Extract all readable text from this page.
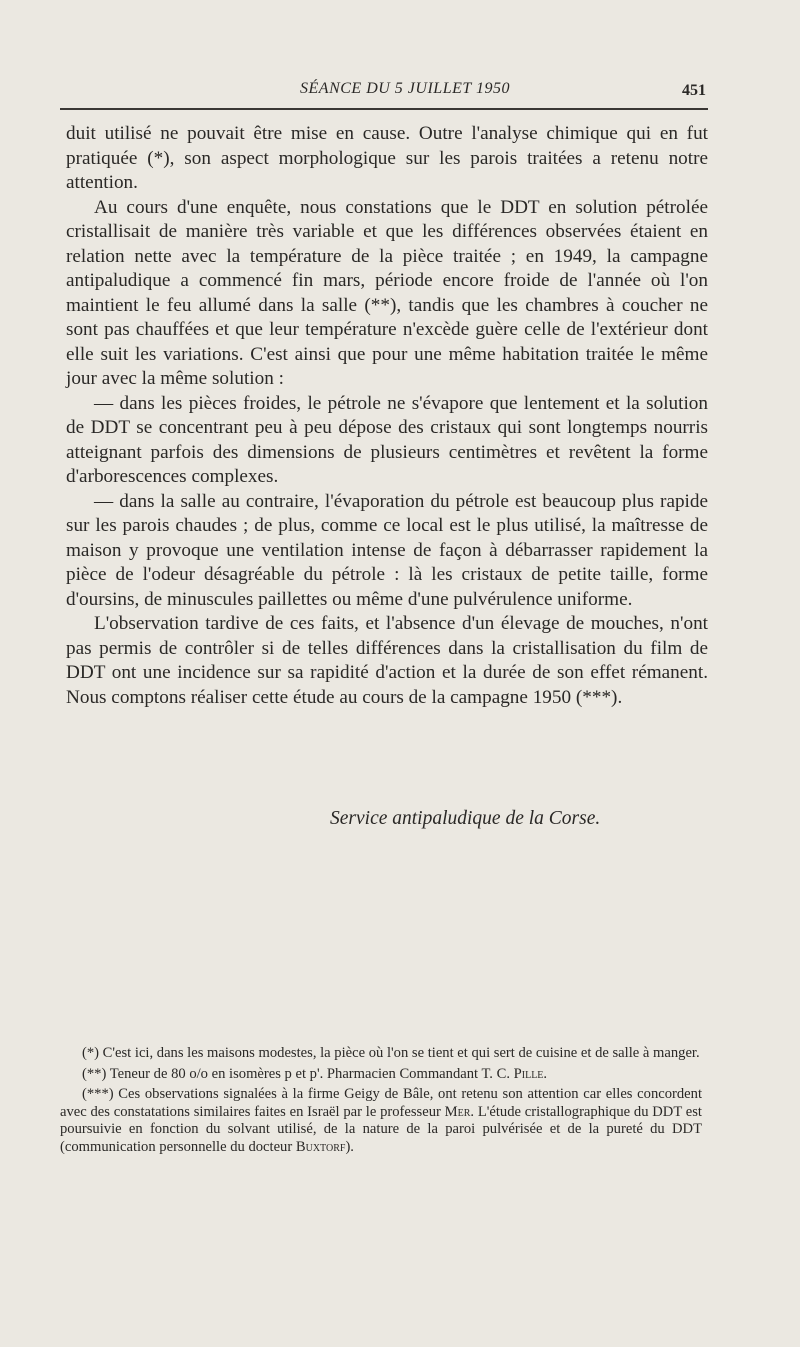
SÉANCE DU 5 JUILLET 1950	451

duit utilisé ne pouvait être mise en cause. Outre l'analyse chimique qui en fut pratiquée (*), son aspect morphologique sur les parois traitées a retenu notre attention.

Au cours d'une enquête, nous constations que le DDT en solution pétrolée cristallisait de manière très variable et que les différences observées étaient en relation nette avec la température de la pièce traitée ; en 1949, la campagne antipaludique a commencé fin mars, période encore froide de l'année où l'on maintient le feu allumé dans la salle (**), tandis que les chambres à coucher ne sont pas chauffées et que leur température n'excède guère celle de l'extérieur dont elle suit les variations. C'est ainsi que pour une même habitation traitée le même jour avec la même solution :

— dans les pièces froides, le pétrole ne s'évapore que lentement et la solution de DDT se concentrant peu à peu dépose des cristaux qui sont longtemps nourris atteignant parfois des dimensions de plusieurs centimètres et revêtent la forme d'arborescences complexes.

— dans la salle au contraire, l'évaporation du pétrole est beaucoup plus rapide sur les parois chaudes ; de plus, comme ce local est le plus utilisé, la maîtresse de maison y provoque une ventilation intense de façon à débarrasser rapidement la pièce de l'odeur désagréable du pétrole : là les cristaux de petite taille, forme d'oursins, de minuscules paillettes ou même d'une pulvérulence uniforme.

L'observation tardive de ces faits, et l'absence d'un élevage de mouches, n'ont pas permis de contrôler si de telles différences dans la cristallisation du film de DDT ont une incidence sur sa rapidité d'action et la durée de son effet rémanent. Nous comptons réaliser cette étude au cours de la campagne 1950 (***).

Service antipaludique de la Corse.

(*) C'est ici, dans les maisons modestes, la pièce où l'on se tient et qui sert de cuisine et de salle à manger.

(**) Teneur de 80 o/o en isomères p et p'. Pharmacien Commandant T. C. Pille.

(***) Ces observations signalées à la firme Geigy de Bâle, ont retenu son attention car elles concordent avec des constatations similaires faites en Israël par le professeur Mer. L'étude cristallographique du DDT est poursuivie en fonction du solvant utilisé, de la nature de la paroi pulvérisée et de la pureté du DDT (communication personnelle du docteur Buxtorf).
